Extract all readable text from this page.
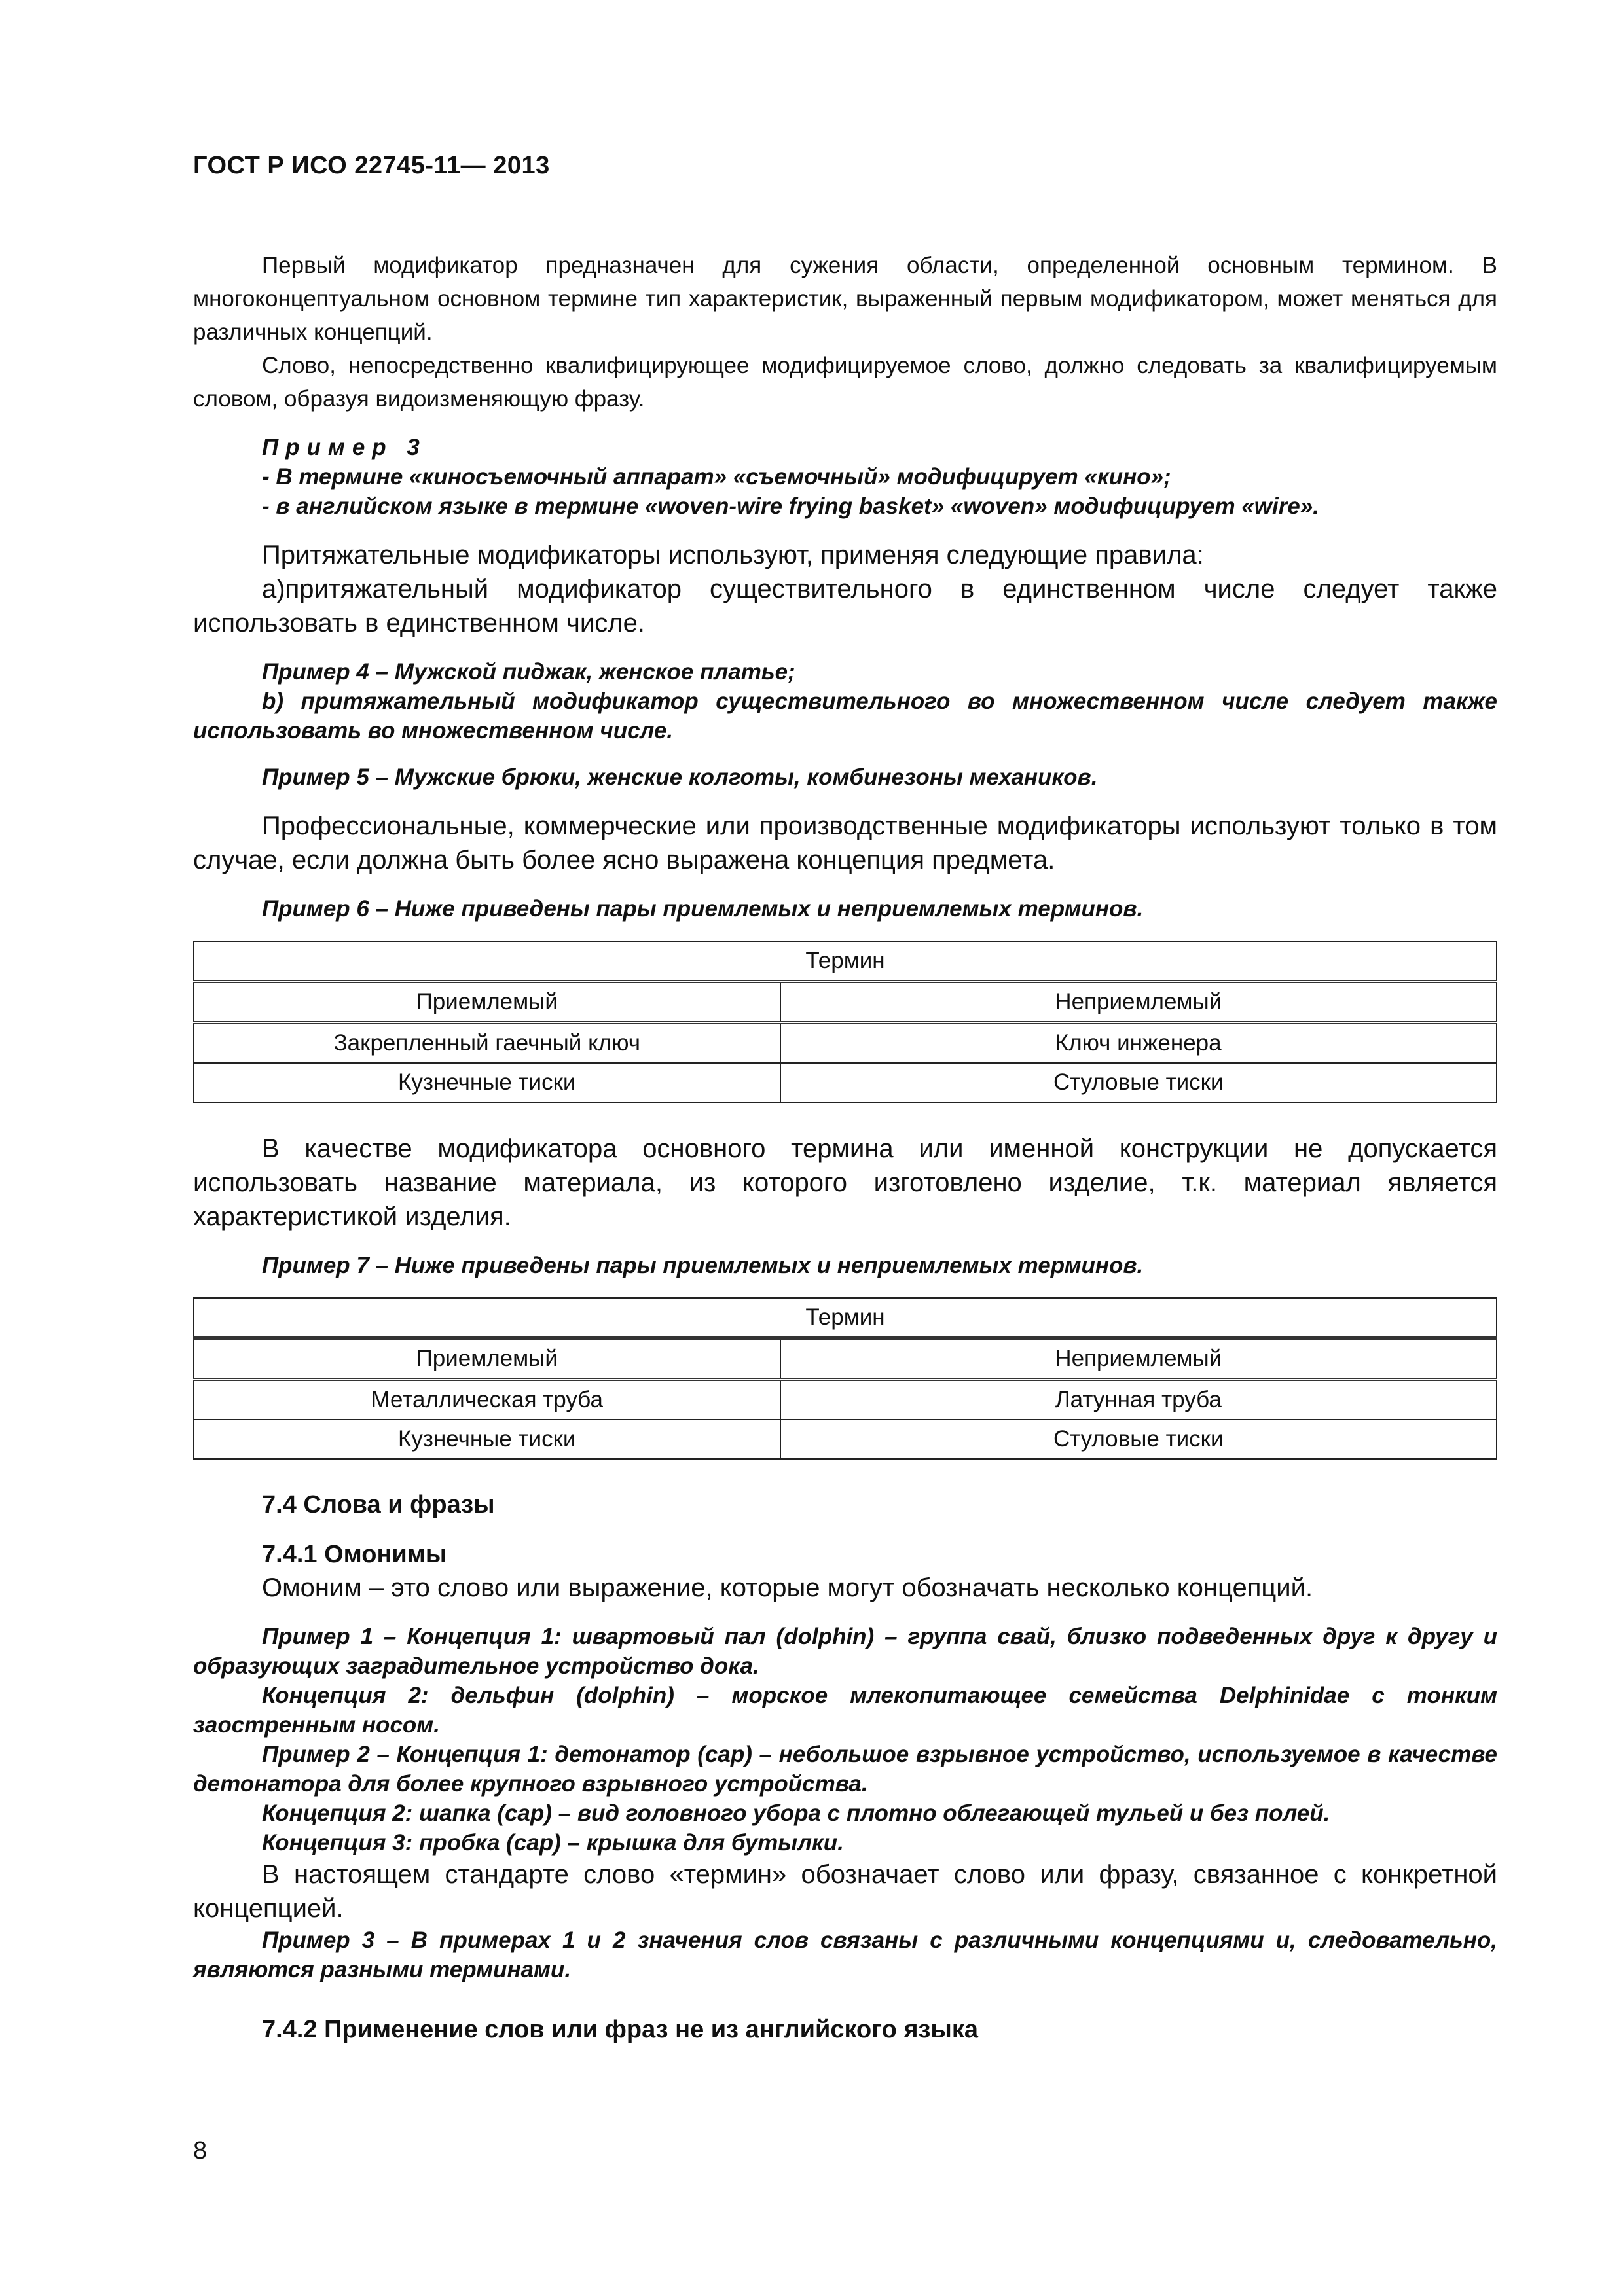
ГОСТ Р ИСО 22745-11— 2013

Первый модификатор предназначен для сужения области, определенной основным термином. В многоконцептуальном основном термине тип характеристик, выраженный первым модификатором, может меняться для различных концепций.

Слово, непосредственно квалифицирующее модифицируемое слово, должно следовать за квалифицируемым словом, образуя видоизменяющую фразу.

Пример 3

- В термине «киносъемочный аппарат» «съемочный» модифицирует «кино»;

- в английском языке в термине «woven-wire frying basket» «woven» модифицирует «wire».

Притяжательные модификаторы используют, применяя следующие правила:

а)притяжательный модификатор существительного в единственном числе следует также использовать в единственном числе.

Пример 4 – Мужской пиджак, женское платье;

b) притяжательный модификатор существительного во множественном числе следует также использовать во множественном числе.

Пример 5 – Мужские брюки, женские колготы, комбинезоны механиков.

Профессиональные, коммерческие или производственные модификаторы используют только в том случае, если должна быть более ясно выражена концепция предмета.

Пример 6 – Ниже приведены пары приемлемых и неприемлемых терминов.

Термин	
Приемлемый	Неприемлемый
Закрепленный гаечный ключ	Ключ инженера
Кузнечные тиски	Стуловые тиски

В качестве модификатора основного термина или именной конструкции не допускается использовать название материала, из которого изготовлено изделие, т.к. материал является характеристикой изделия.

Пример 7 – Ниже приведены пары приемлемых и неприемлемых терминов.

Термин	
Приемлемый	Неприемлемый
Металлическая труба	Латунная труба
Кузнечные тиски	Стуловые тиски

7.4 Слова и фразы

7.4.1 Омонимы

Омоним – это слово или выражение, которые могут обозначать несколько концепций.

Пример 1 – Концепция 1: швартовый пал (dolphin) – группа свай, близко подведенных друг к другу и образующих заградительное устройство дока.

Концепция 2: дельфин (dolphin) – морское млекопитающее семейства Delphinidae с тонким заостренным носом.

Пример 2 – Концепция 1: детонатор (cap) – небольшое взрывное устройство, используемое в качестве детонатора для более крупного взрывного устройства.

Концепция 2: шапка (cap) – вид головного убора с плотно облегающей тульей и без полей.

Концепция 3: пробка (cap) – крышка для бутылки.

В настоящем стандарте слово «термин» обозначает слово или фразу, связанное с конкретной концепцией.

Пример 3 – В примерах 1 и 2 значения слов связаны с различными концепциями и, следовательно, являются разными терминами.

7.4.2 Применение слов или фраз не из английского языка

8
